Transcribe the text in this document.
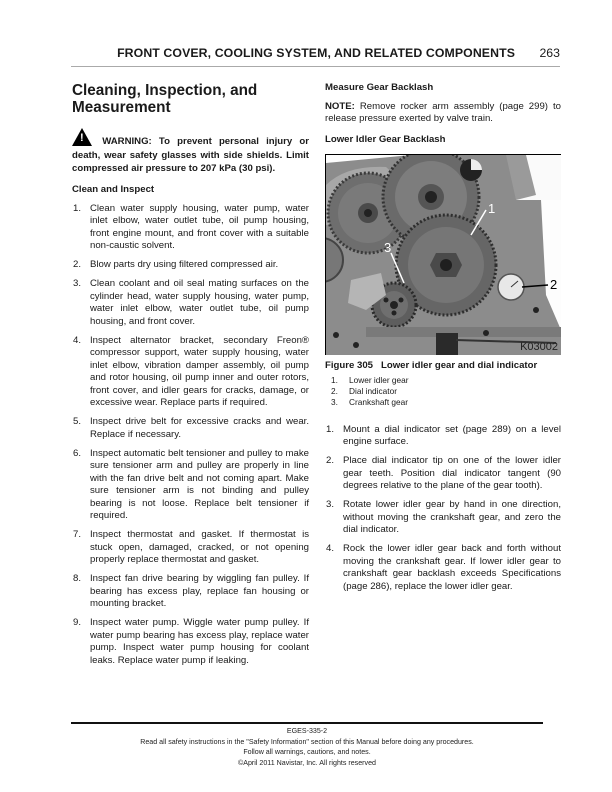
FRONT COVER, COOLING SYSTEM, AND RELATED COMPONENTS 263
Cleaning, Inspection, and Measurement
! WARNING: To prevent personal injury or death, wear safety glasses with side shields. Limit compressed air pressure to 207 kPa (30 psi).
Clean and Inspect
1. Clean water supply housing, water pump, water inlet elbow, water outlet tube, oil pump housing, front engine mount, and front cover with a suitable non-caustic solvent.
2. Blow parts dry using filtered compressed air.
3. Clean coolant and oil seal mating surfaces on the cylinder head, water supply housing, water pump, water inlet elbow, water outlet tube, oil pump housing, and front cover.
4. Inspect alternator bracket, secondary Freon® compressor support, water supply housing, water inlet elbow, vibration damper assembly, oil pump and rotor housing, oil pump inner and outer rotors, front cover, and idler gears for cracks, damage, or excessive wear. Replace parts if required.
5. Inspect drive belt for excessive cracks and wear. Replace if necessary.
6. Inspect automatic belt tensioner and pulley to make sure tensioner arm and pulley are properly in line with the fan drive belt and not coming apart. Make sure tensioner arm is not binding and pulley bearing is not loose. Replace belt tensioner if required.
7. Inspect thermostat and gasket. If thermostat is stuck open, damaged, cracked, or not opening properly replace thermostat and gasket.
8. Inspect fan drive bearing by wiggling fan pulley. If bearing has excess play, replace fan housing or mounting bracket.
9. Inspect water pump. Wiggle water pump pulley. If water pump bearing has excess play, replace water pump. Inspect water pump housing for coolant leaks. Replace water pump if leaking.
Measure Gear Backlash
NOTE: Remove rocker arm assembly (page 299) to release pressure exerted by valve train.
Lower Idler Gear Backlash
1
3
2
K03002
Figure 305 Lower idler gear and dial indicator
1. Lower idler gear
2. Dial indicator
3. Crankshaft gear
1. Mount a dial indicator set (page 289) on a level engine surface.
2. Place dial indicator tip on one of the lower idler gear teeth. Position dial indicator tangent (90 degrees relative to the plane of the gear tooth).
3. Rotate lower idler gear by hand in one direction, without moving the crankshaft gear, and zero the dial indicator.
4. Rock the lower idler gear back and forth without moving the crankshaft gear. If lower idler gear to crankshaft gear backlash exceeds Specifications (page 286), replace the lower idler gear.
EGES-335-2
Read all safety instructions in the "Safety Information" section of this Manual before doing any procedures.
Follow all warnings, cautions, and notes.
©April 2011 Navistar, Inc. All rights reserved
